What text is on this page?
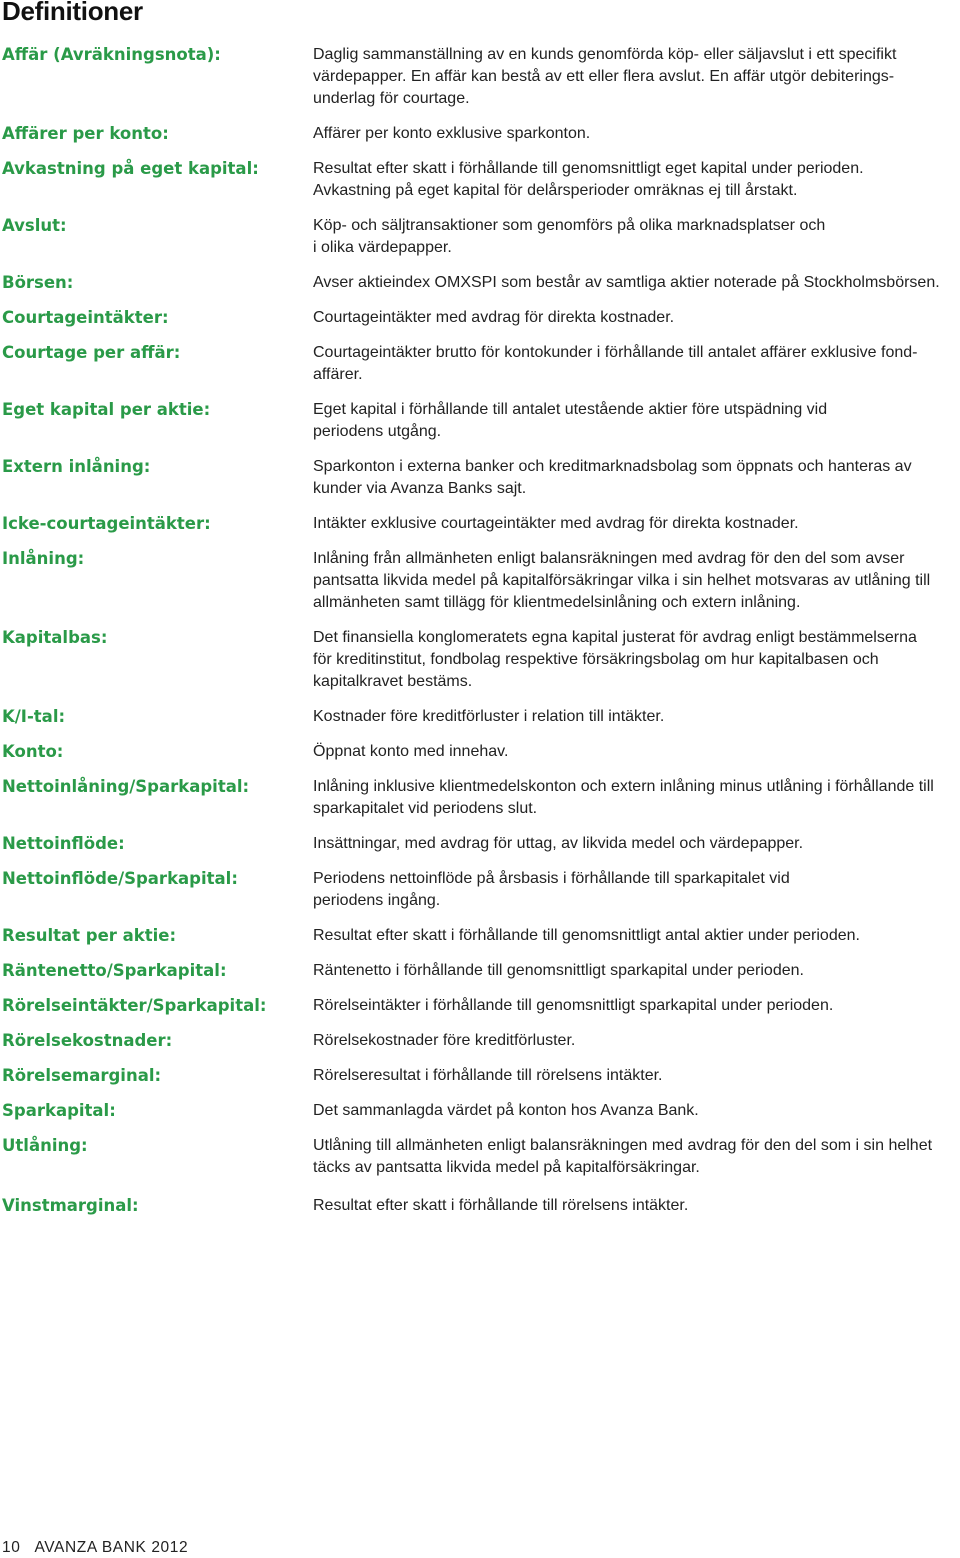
Definitioner
Affär (Avräkningsnota):	Daglig sammanställning av en kunds genomförda köp- eller säljavslut i ett specifikt
värdepapper. En affär kan bestå av ett eller flera avslut. En affär utgör debiterings-
underlag för courtage.
Affärer per konto:	Affärer per konto exklusive sparkonton.
Avkastning på eget kapital:	Resultat efter skatt i förhållande till genomsnittligt eget kapital under perioden.
Avkastning på eget kapital för delårsperioder omräknas ej till årstakt.
Avslut:	Köp- och säljtransaktioner som genomförs på olika marknadsplatser och
i olika värdepapper.
Börsen:	Avser aktieindex OMXSPI som består av samtliga aktier noterade på Stockholmsbörsen.
Courtageintäkter:	Courtageintäkter med avdrag för direkta kostnader.
Courtage per affär:	Courtageintäkter brutto för kontokunder i förhållande till antalet affärer exklusive fond-
affärer.
Eget kapital per aktie:	Eget kapital i förhållande till antalet utestående aktier före utspädning vid
periodens utgång.
Extern inlåning:	Sparkonton i externa banker och kreditmarknadsbolag som öppnats och hanteras av
kunder via Avanza Banks sajt.
Icke-courtageintäkter:	Intäkter exklusive courtageintäkter med avdrag för direkta kostnader.
Inlåning:	Inlåning från allmänheten enligt balansräkningen med avdrag för den del som avser
pantsatta likvida medel på kapitalförsäkringar vilka i sin helhet motsvaras av utlåning till
allmänheten samt tillägg för klientmedelsinlåning och extern inlåning.
Kapitalbas:	Det finansiella konglomeratets egna kapital justerat för avdrag enligt bestämmelserna
för kreditinstitut, fondbolag respektive försäkringsbolag om hur kapitalbasen och
kapitalkravet bestäms.
K/I-tal:	Kostnader före kreditförluster i relation till intäkter.
Konto:	Öppnat konto med innehav.
Nettoinlåning/Sparkapital:	Inlåning inklusive klientmedelskonton och extern inlåning minus utlåning i förhållande till
sparkapitalet vid periodens slut.
Nettoinflöde:	Insättningar, med avdrag för uttag, av likvida medel och värdepapper.
Nettoinflöde/Sparkapital:	Periodens nettoinflöde på årsbasis i förhållande till sparkapitalet vid
periodens ingång.
Resultat per aktie:	Resultat efter skatt i förhållande till genomsnittligt antal aktier under perioden.
Räntenetto/Sparkapital:	Räntenetto i förhållande till genomsnittligt sparkapital under perioden.
Rörelseintäkter/Sparkapital:	Rörelseintäkter i förhållande till genomsnittligt sparkapital under perioden.
Rörelsekostnader:	Rörelsekostnader före kreditförluster.
Rörelsemarginal:	Rörelseresultat i förhållande till rörelsens intäkter.
Sparkapital:	Det sammanlagda värdet på konton hos Avanza Bank.
Utlåning:	Utlåning till allmänheten enligt balansräkningen med avdrag för den del som i sin helhet
täcks av pantsatta likvida medel på kapitalförsäkringar.
Vinstmarginal:	Resultat efter skatt i förhållande till rörelsens intäkter.
10 AVANZA BANK 2012
